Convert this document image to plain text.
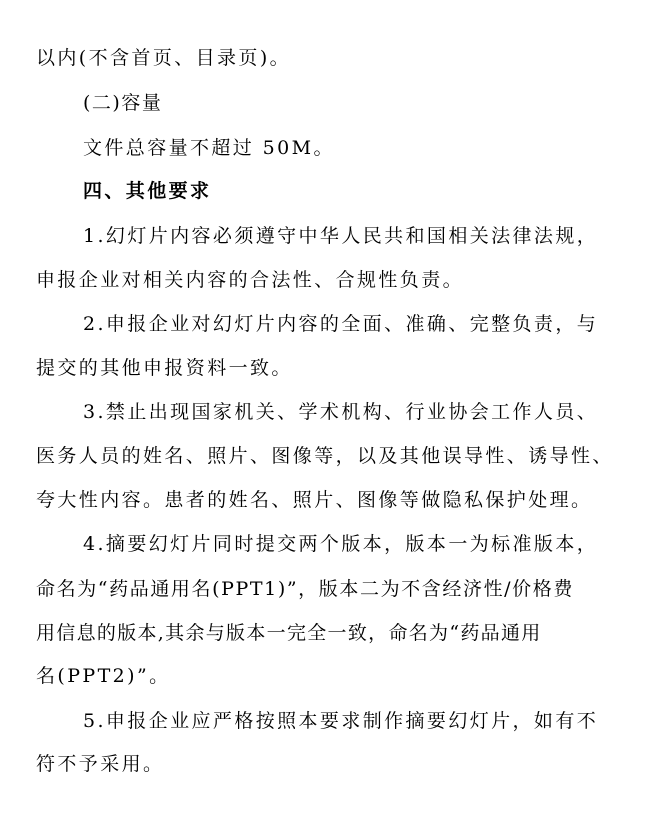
以内(不含首页、目录页)。
(二)容量
文件总容量不超过 50M。
四、其他要求
1.幻灯片内容必须遵守中华人民共和国相关法律法规，
申报企业对相关内容的合法性、合规性负责。
2.申报企业对幻灯片内容的全面、准确、完整负责，与
提交的其他申报资料一致。
3.禁止出现国家机关、学术机构、行业协会工作人员、
医务人员的姓名、照片、图像等，以及其他误导性、诱导性、
夸大性内容。患者的姓名、照片、图像等做隐私保护处理。
4.摘要幻灯片同时提交两个版本，版本一为标准版本，
命名为“药品通用名(PPT1)”，版本二为不含经济性/价格费
用信息的版本,其余与版本一完全一致，命名为“药品通用
名(PPT2)”。
5.申报企业应严格按照本要求制作摘要幻灯片，如有不
符不予采用。
